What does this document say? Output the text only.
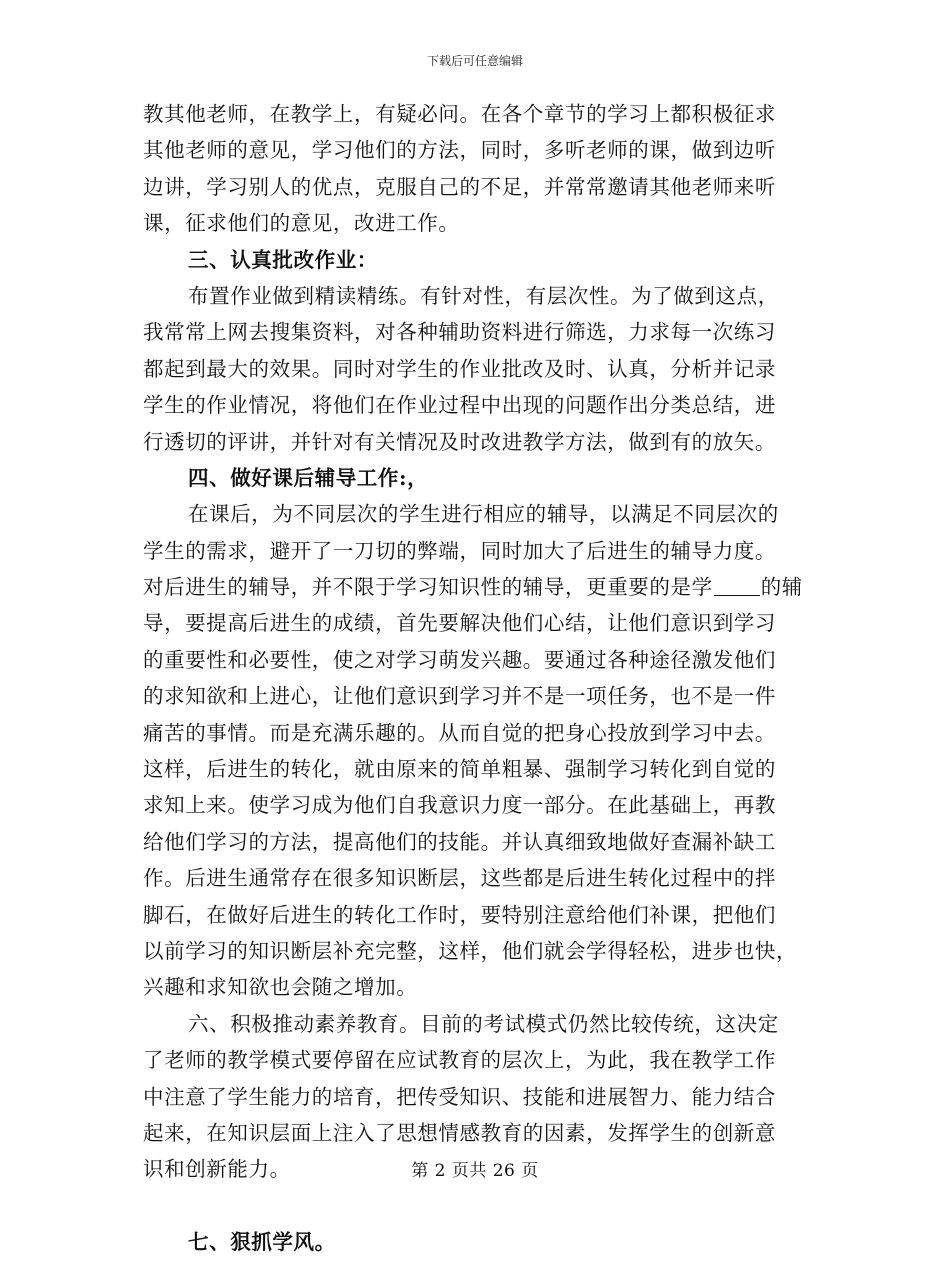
下载后可任意编辑
教其他老师，在教学上，有疑必问。在各个章节的学习上都积极征求
其他老师的意见，学习他们的方法，同时，多听老师的课，做到边听
边讲，学习别人的优点，克服自己的不足，并常常邀请其他老师来听
课，征求他们的意见，改进工作。
三、认真批改作业：
布置作业做到精读精练。有针对性，有层次性。为了做到这点，
我常常上网去搜集资料，对各种辅助资料进行筛选，力求每一次练习
都起到最大的效果。同时对学生的作业批改及时、认真，分析并记录
学生的作业情况，将他们在作业过程中出现的问题作出分类总结，进
行透切的评讲，并针对有关情况及时改进教学方法，做到有的放矢。
四、做好课后辅导工作:，
在课后，为不同层次的学生进行相应的辅导，以满足不同层次的
学生的需求，避开了一刀切的弊端，同时加大了后进生的辅导力度。
对后进生的辅导，并不限于学习知识性的辅导，更重要的是学 的辅
导，要提高后进生的成绩，首先要解决他们心结，让他们意识到学习
的重要性和必要性，使之对学习萌发兴趣。要通过各种途径激发他们
的求知欲和上进心，让他们意识到学习并不是一项任务，也不是一件
痛苦的事情。而是充满乐趣的。从而自觉的把身心投放到学习中去。
这样，后进生的转化，就由原来的简单粗暴、强制学习转化到自觉的
求知上来。使学习成为他们自我意识力度一部分。在此基础上，再教
给他们学习的方法，提高他们的技能。并认真细致地做好查漏补缺工
作。后进生通常存在很多知识断层，这些都是后进生转化过程中的拌
脚石，在做好后进生的转化工作时，要特别注意给他们补课，把他们
以前学习的知识断层补充完整，这样，他们就会学得轻松，进步也快，
兴趣和求知欲也会随之增加。
六、积极推动素养教育。目前的考试模式仍然比较传统，这决定
了老师的教学模式要停留在应试教育的层次上，为此，我在教学工作
中注意了学生能力的培育，把传受知识、技能和进展智力、能力结合
起来，在知识层面上注入了思想情感教育的因素，发挥学生的创新意
识和创新能力。
七、狠抓学风。
第 2 页共 26 页
